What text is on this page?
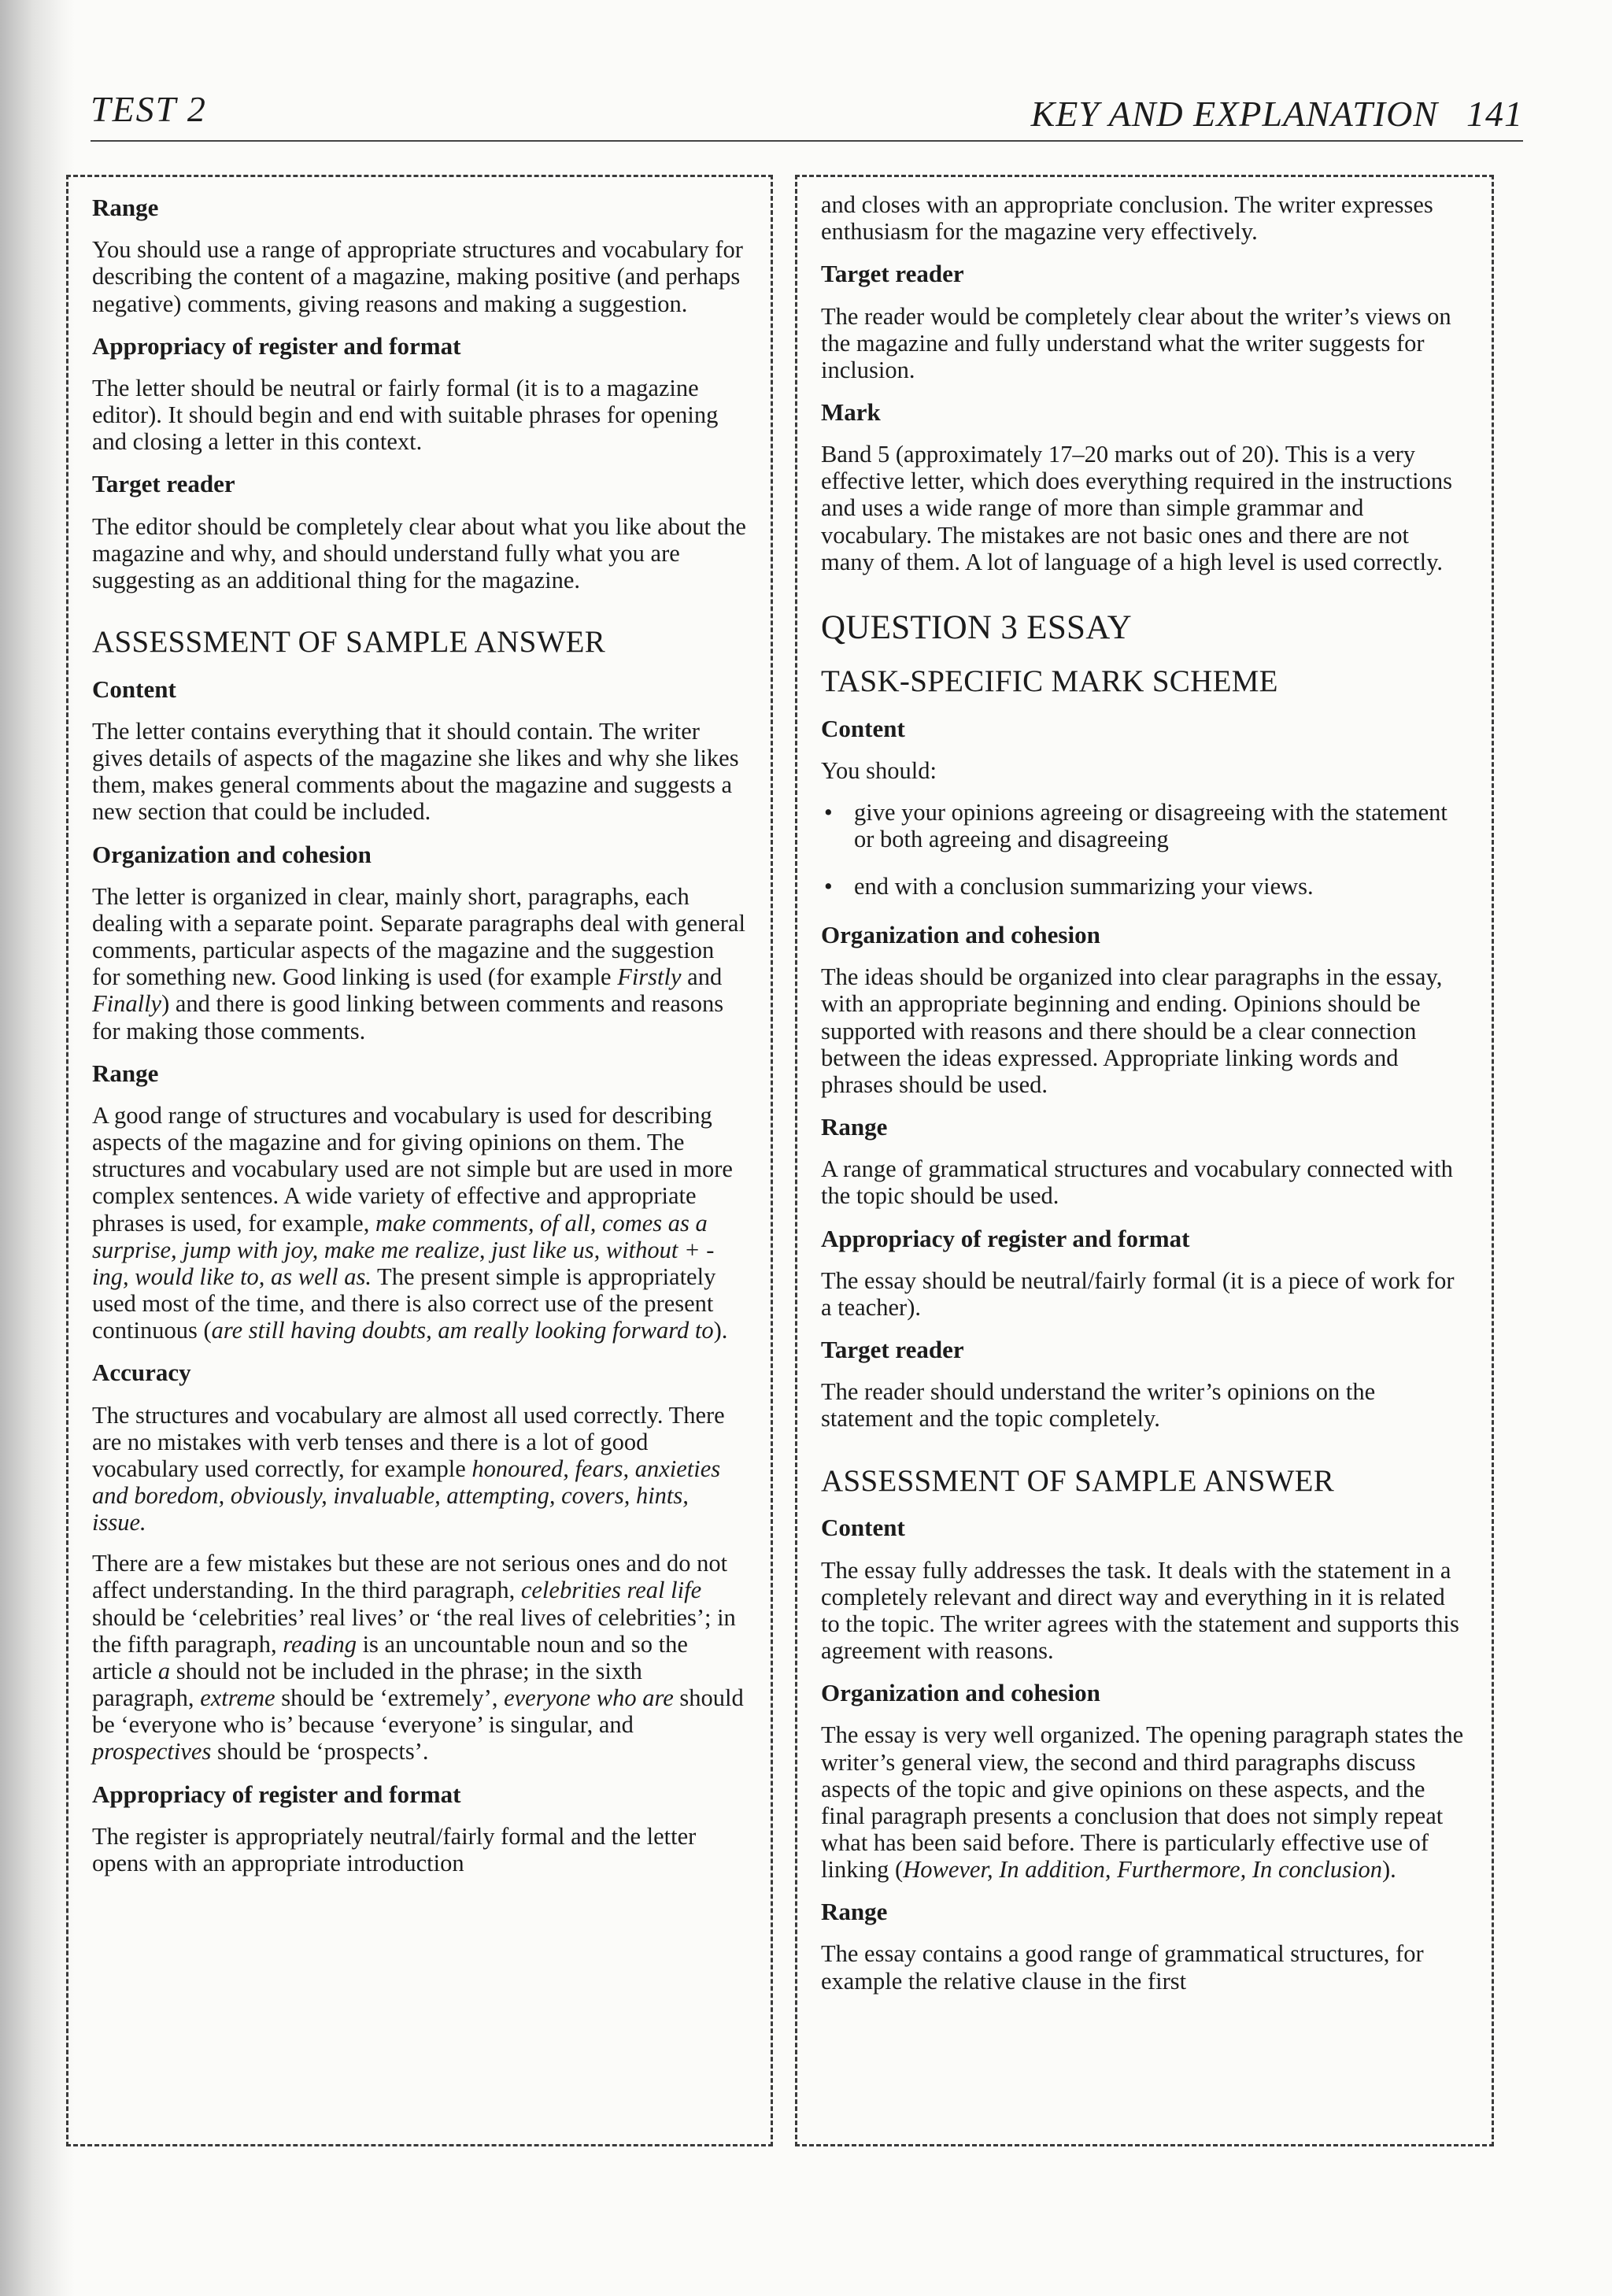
TEST 2	KEY AND EXPLANATION 141
Range

You should use a range of appropriate structures and vocabulary for describing the content of a magazine, making positive (and perhaps negative) comments, giving reasons and making a suggestion.

Appropriacy of register and format

The letter should be neutral or fairly formal (it is to a magazine editor). It should begin and end with suitable phrases for opening and closing a letter in this context.

Target reader

The editor should be completely clear about what you like about the magazine and why, and should understand fully what you are suggesting as an additional thing for the magazine.

ASSESSMENT OF SAMPLE ANSWER
Content

The letter contains everything that it should contain. The writer gives details of aspects of the magazine she likes and why she likes them, makes general comments about the magazine and suggests a new section that could be included.

Organization and cohesion

The letter is organized in clear, mainly short, paragraphs, each dealing with a separate point. Separate paragraphs deal with general comments, particular aspects of the magazine and the suggestion for something new. Good linking is used (for example Firstly and Finally) and there is good linking between comments and reasons for making those comments.

Range

A good range of structures and vocabulary is used for describing aspects of the magazine and for giving opinions on them. The structures and vocabulary used are not simple but are used in more complex sentences. A wide variety of effective and appropriate phrases is used, for example, make comments, of all, comes as a surprise, jump with joy, make me realize, just like us, without + -ing, would like to, as well as. The present simple is appropriately used most of the time, and there is also correct use of the present continuous (are still having doubts, am really looking forward to).

Accuracy

The structures and vocabulary are almost all used correctly. There are no mistakes with verb tenses and there is a lot of good vocabulary used correctly, for example honoured, fears, anxieties and boredom, obviously, invaluable, attempting, covers, hints, issue.

There are a few mistakes but these are not serious ones and do not affect understanding. In the third paragraph, celebrities real life should be ‘celebrities’ real lives’ or ‘the real lives of celebrities’; in the fifth paragraph, reading is an uncountable noun and so the article a should not be included in the phrase; in the sixth paragraph, extreme should be ‘extremely’, everyone who are should be ‘everyone who is’ because ‘everyone’ is singular, and prospectives should be ‘prospects’.

Appropriacy of register and format

The register is appropriately neutral/fairly formal and the letter opens with an appropriate introduction

and closes with an appropriate conclusion. The writer expresses enthusiasm for the magazine very effectively.

Target reader

The reader would be completely clear about the writer’s views on the magazine and fully understand what the writer suggests for inclusion.

Mark

Band 5 (approximately 17–20 marks out of 20). This is a very effective letter, which does everything required in the instructions and uses a wide range of more than simple grammar and vocabulary. The mistakes are not basic ones and there are not many of them. A lot of language of a high level is used correctly.

QUESTION 3 ESSAY
TASK-SPECIFIC MARK SCHEME
Content

You should:

• give your opinions agreeing or disagreeing with the statement or both agreeing and disagreeing
• end with a conclusion summarizing your views.
Organization and cohesion

The ideas should be organized into clear paragraphs in the essay, with an appropriate beginning and ending. Opinions should be supported with reasons and there should be a clear connection between the ideas expressed. Appropriate linking words and phrases should be used.

Range

A range of grammatical structures and vocabulary connected with the topic should be used.

Appropriacy of register and format

The essay should be neutral/fairly formal (it is a piece of work for a teacher).

Target reader

The reader should understand the writer’s opinions on the statement and the topic completely.

ASSESSMENT OF SAMPLE ANSWER
Content

The essay fully addresses the task. It deals with the statement in a completely relevant and direct way and everything in it is related to the topic. The writer agrees with the statement and supports this agreement with reasons.

Organization and cohesion

The essay is very well organized. The opening paragraph states the writer’s general view, the second and third paragraphs discuss aspects of the topic and give opinions on these aspects, and the final paragraph presents a conclusion that does not simply repeat what has been said before. There is particularly effective use of linking (However, In addition, Furthermore, In conclusion).

Range

The essay contains a good range of grammatical structures, for example the relative clause in the first
